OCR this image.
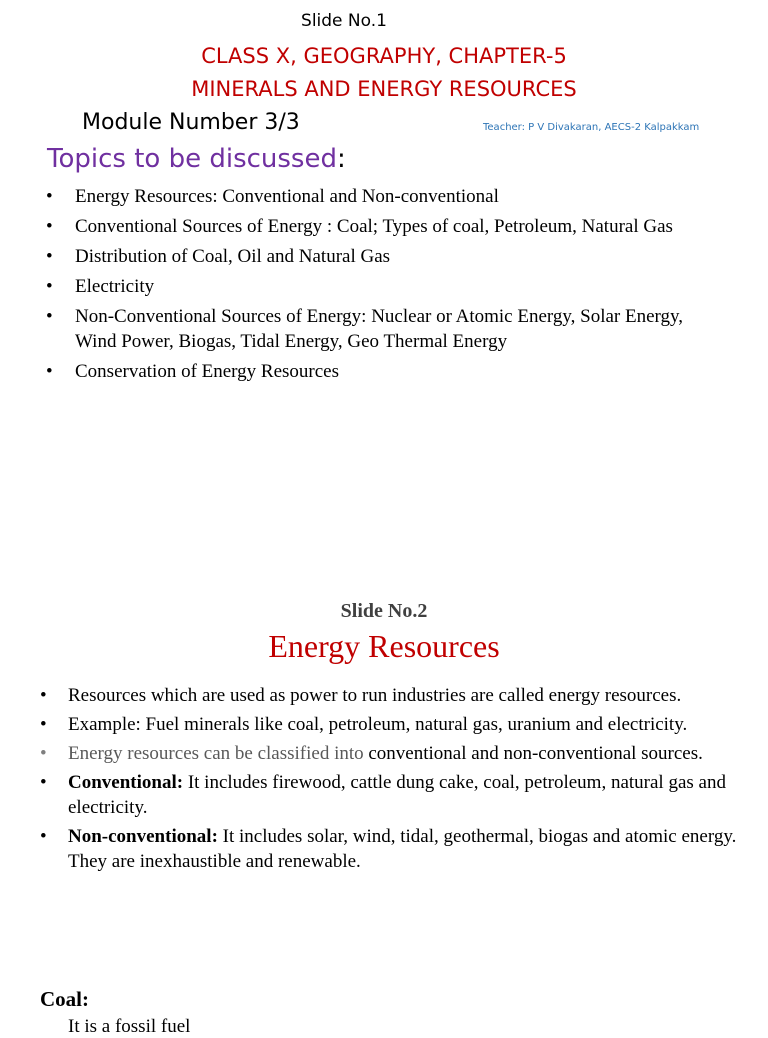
Slide No.1
CLASS X, GEOGRAPHY, CHAPTER-5
MINERALS AND ENERGY RESOURCES
Module Number 3/3	Teacher: P V Divakaran, AECS-2 Kalpakkam
Topics to be discussed:
• Energy Resources: Conventional and Non-conventional
• Conventional Sources of Energy : Coal; Types of coal, Petroleum, Natural Gas
• Distribution of Coal, Oil and Natural Gas
• Electricity
• Non-Conventional Sources of Energy: Nuclear or Atomic Energy, Solar Energy, Wind Power, Biogas, Tidal Energy, Geo Thermal Energy
• Conservation of Energy Resources
Slide No.2
Energy Resources
• Resources which are used as power to run industries are called energy resources.
• Example: Fuel minerals like coal, petroleum, natural gas, uranium and electricity.
• Energy resources can be classified into conventional and non-conventional sources.
• Conventional: It includes firewood, cattle dung cake, coal, petroleum, natural gas and electricity.
• Non-conventional: It includes solar, wind, tidal, geothermal, biogas and atomic energy. They are inexhaustible and renewable.
Coal:
It is a fossil fuel
